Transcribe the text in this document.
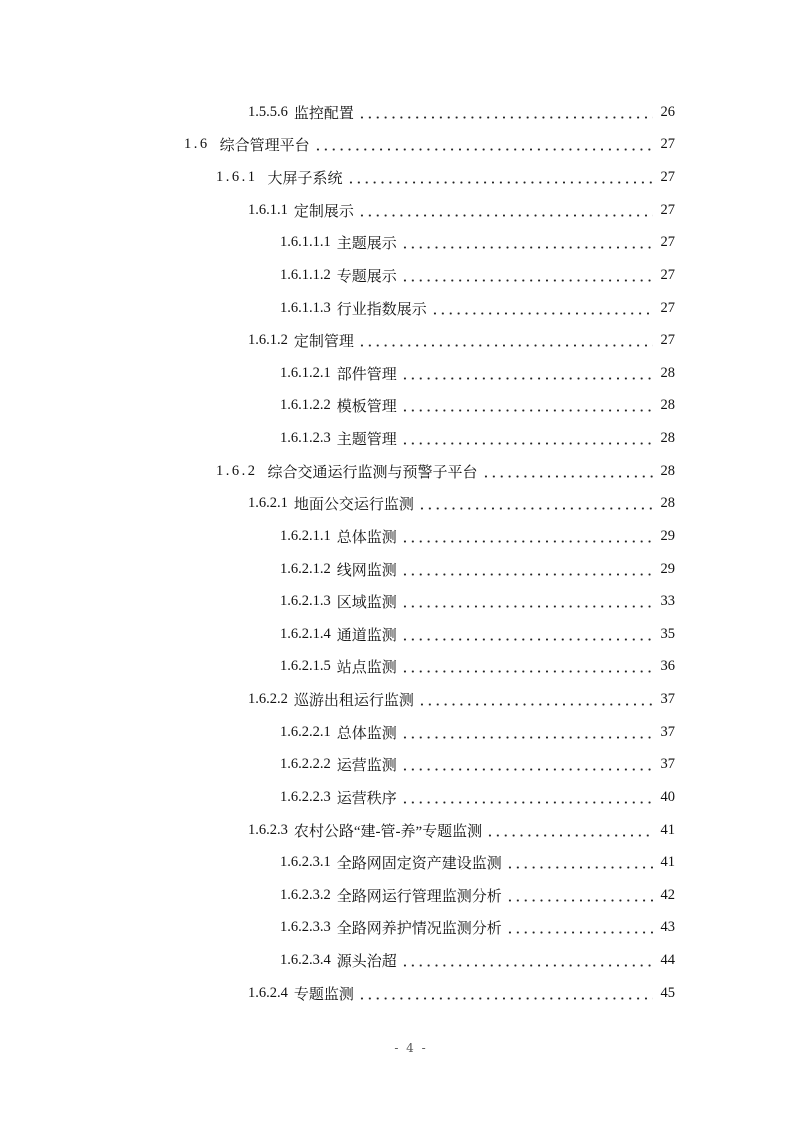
1.5.5.6 监控配置	26
1.6 综合管理平台	27
1.6.1 大屏子系统	27
1.6.1.1 定制展示	27
1.6.1.1.1 主题展示	27
1.6.1.1.2 专题展示	27
1.6.1.1.3 行业指数展示	27
1.6.1.2 定制管理	27
1.6.1.2.1 部件管理	28
1.6.1.2.2 模板管理	28
1.6.1.2.3 主题管理	28
1.6.2 综合交通运行监测与预警子平台	28
1.6.2.1 地面公交运行监测	28
1.6.2.1.1 总体监测	29
1.6.2.1.2 线网监测	29
1.6.2.1.3 区域监测	33
1.6.2.1.4 通道监测	35
1.6.2.1.5 站点监测	36
1.6.2.2 巡游出租运行监测	37
1.6.2.2.1 总体监测	37
1.6.2.2.2 运营监测	37
1.6.2.2.3 运营秩序	40
1.6.2.3 农村公路“建-管-养”专题监测	41
1.6.2.3.1 全路网固定资产建设监测	41
1.6.2.3.2 全路网运行管理监测分析	42
1.6.2.3.3 全路网养护情况监测分析	43
1.6.2.3.4 源头治超	44
1.6.2.4 专题监测	45
- 4 -
